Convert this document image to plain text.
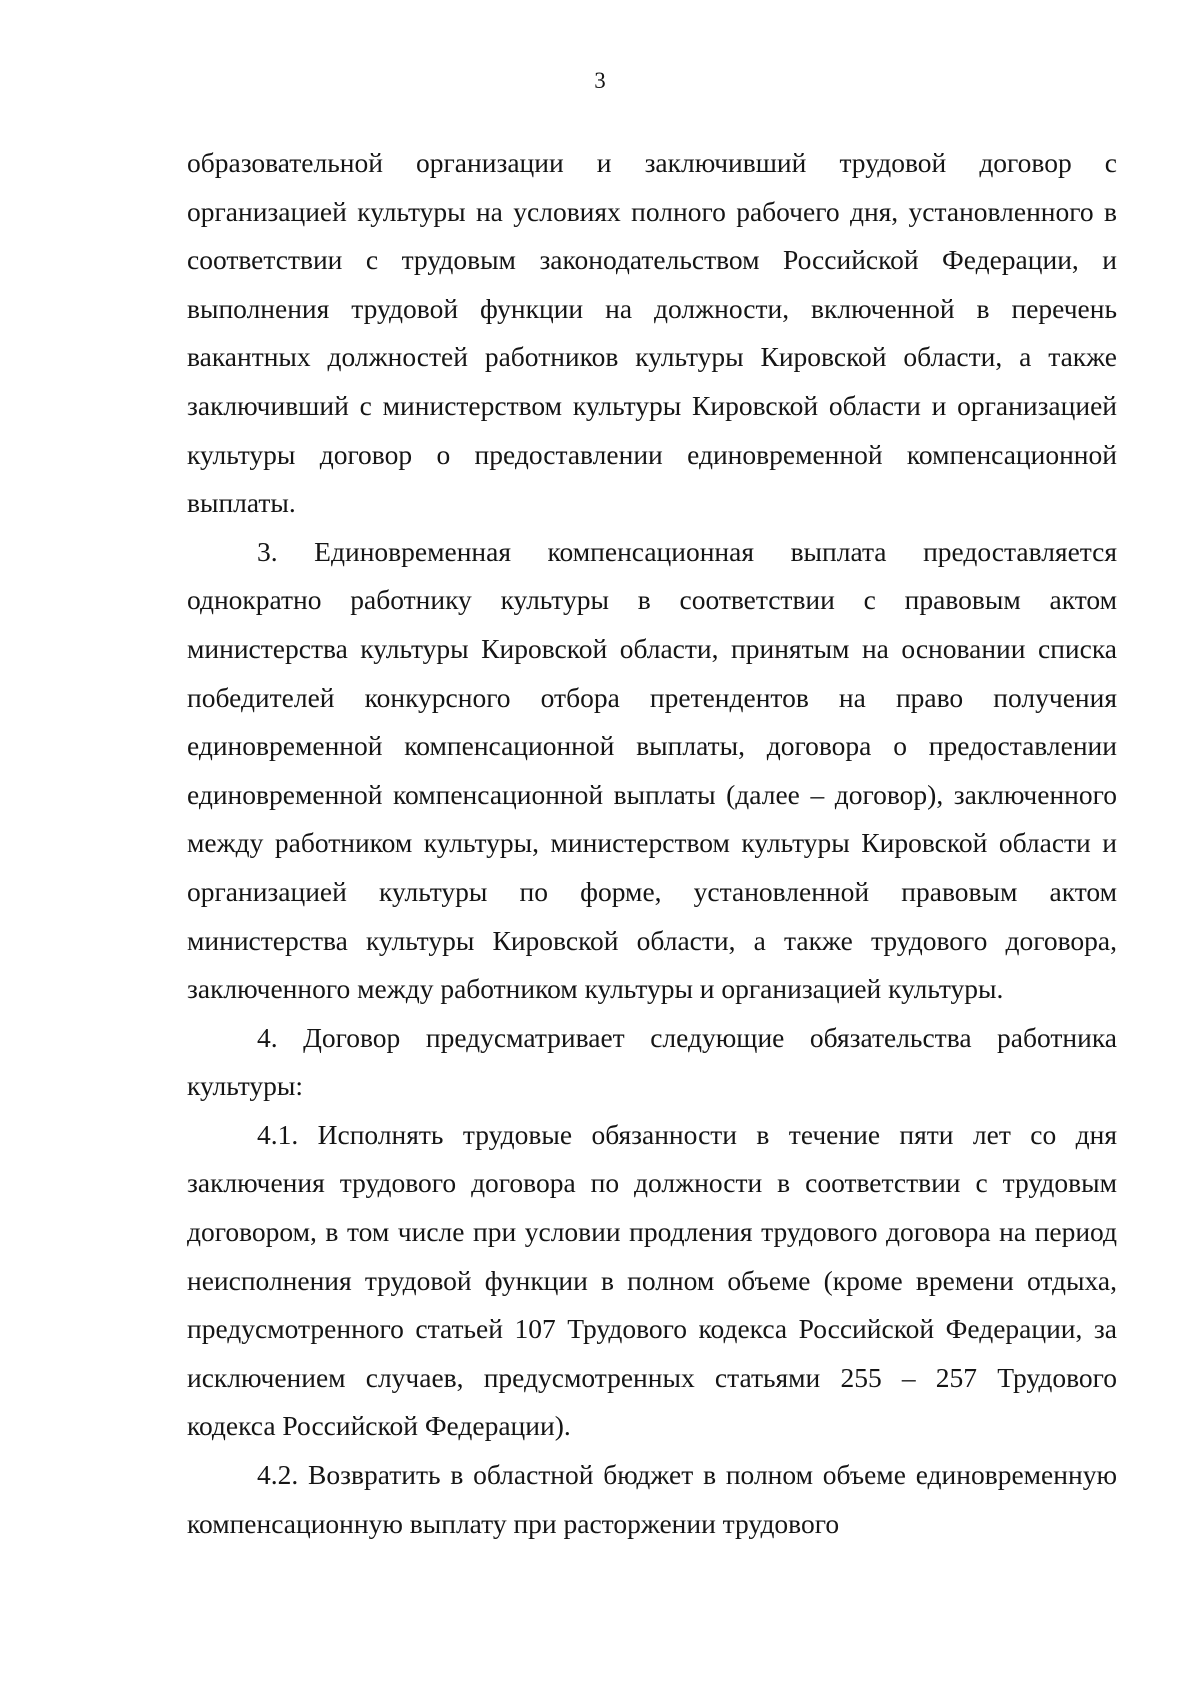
3

образовательной организации и заключивший трудовой договор с организацией культуры на условиях полного рабочего дня, установленного в соответствии с трудовым законодательством Российской Федерации, и выполнения трудовой функции на должности, включенной в перечень вакантных должностей работников культуры Кировской области, а также заключивший с министерством культуры Кировской области и организацией культуры договор о предоставлении единовременной компенсационной выплаты.

3. Единовременная компенсационная выплата предоставляется однократно работнику культуры в соответствии с правовым актом министерства культуры Кировской области, принятым на основании списка победителей конкурсного отбора претендентов на право получения единовременной компенсационной выплаты, договора о предоставлении единовременной компенсационной выплаты (далее – договор), заключенного между работником культуры, министерством культуры Кировской области и организацией культуры по форме, установленной правовым актом министерства культуры Кировской области, а также трудового договора, заключенного между работником культуры и организацией культуры.

4. Договор предусматривает следующие обязательства работника культуры:

4.1. Исполнять трудовые обязанности в течение пяти лет со дня заключения трудового договора по должности в соответствии с трудовым договором, в том числе при условии продления трудового договора на период неисполнения трудовой функции в полном объеме (кроме времени отдыха, предусмотренного статьей 107 Трудового кодекса Российской Федерации, за исключением случаев, предусмотренных статьями 255 – 257 Трудового кодекса Российской Федерации).

4.2. Возвратить в областной бюджет в полном объеме единовременную компенсационную выплату при расторжении трудового
